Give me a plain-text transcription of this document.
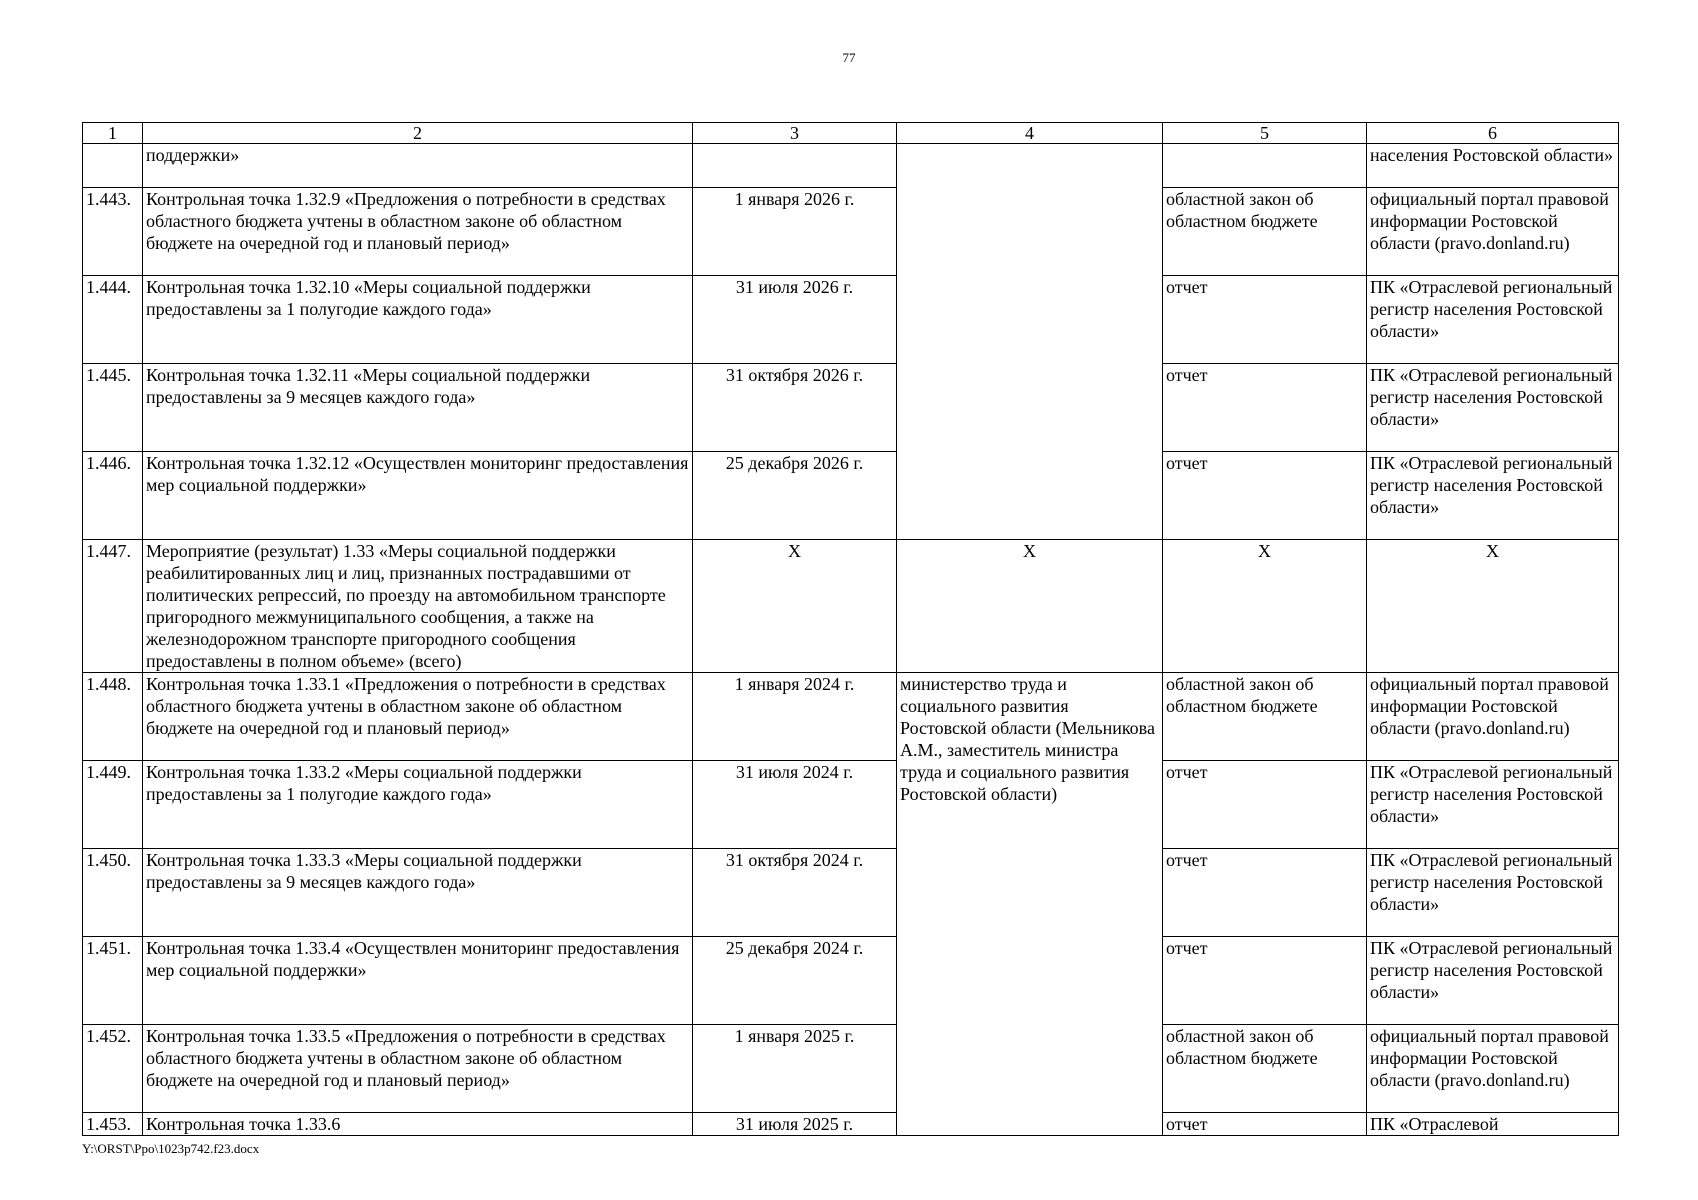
77
1	2	3	4	5	6
	поддержки»				населения Ростовской области»
1.443.	Контрольная точка 1.32.9 «Предложения о потребности в средствах областного бюджета учтены в областном законе об областном бюджете на очередной год и плановый период»	1 января 2026 г.		областной закон об областном бюджете	официальный портал правовой информации Ростовской области (pravo.donland.ru)
1.444.	Контрольная точка 1.32.10 «Меры социальной поддержки предоставлены за 1 полугодие каждого года»	31 июля 2026 г.		отчет	ПК «Отраслевой региональный регистр населения Ростовской области»
1.445.	Контрольная точка 1.32.11 «Меры социальной поддержки предоставлены за 9 месяцев каждого года»	31 октября 2026 г.		отчет	ПК «Отраслевой региональный регистр населения Ростовской области»
1.446.	Контрольная точка 1.32.12 «Осуществлен мониторинг предоставления мер социальной поддержки»	25 декабря 2026 г.		отчет	ПК «Отраслевой региональный регистр населения Ростовской области»
1.447.	Мероприятие (результат) 1.33 «Меры социальной поддержки реабилитированных лиц и лиц, признанных пострадавшими от политических репрессий, по проезду на автомобильном транспорте пригородного межмуниципального сообщения, а также на железнодорожном транспорте пригородного сообщения предоставлены в полном объеме» (всего)	Х	Х	Х	Х
1.448.	Контрольная точка 1.33.1 «Предложения о потребности в средствах областного бюджета учтены в областном законе об областном бюджете на очередной год и плановый период»	1 января 2024 г.	министерство труда и социального развития Ростовской области (Мельникова А.М., заместитель министра труда и социального развития Ростовской области)	областной закон об областном бюджете	официальный портал правовой информации Ростовской области (pravo.donland.ru)
1.449.	Контрольная точка 1.33.2 «Меры социальной поддержки предоставлены за 1 полугодие каждого года»	31 июля 2024 г.		отчет	ПК «Отраслевой региональный регистр населения Ростовской области»
1.450.	Контрольная точка 1.33.3 «Меры социальной поддержки предоставлены за 9 месяцев каждого года»	31 октября 2024 г.		отчет	ПК «Отраслевой региональный регистр населения Ростовской области»
1.451.	Контрольная точка 1.33.4 «Осуществлен мониторинг предоставления мер социальной поддержки»	25 декабря 2024 г.		отчет	ПК «Отраслевой региональный регистр населения Ростовской области»
1.452.	Контрольная точка 1.33.5 «Предложения о потребности в средствах областного бюджета учтены в областном законе об областном бюджете на очередной год и плановый период»	1 января 2025 г.		областной закон об областном бюджете	официальный портал правовой информации Ростовской области (pravo.donland.ru)
1.453.	Контрольная точка 1.33.6	31 июля 2025 г.		отчет	ПК «Отраслевой
Y:\ORST\Ppo\1023p742.f23.docx
